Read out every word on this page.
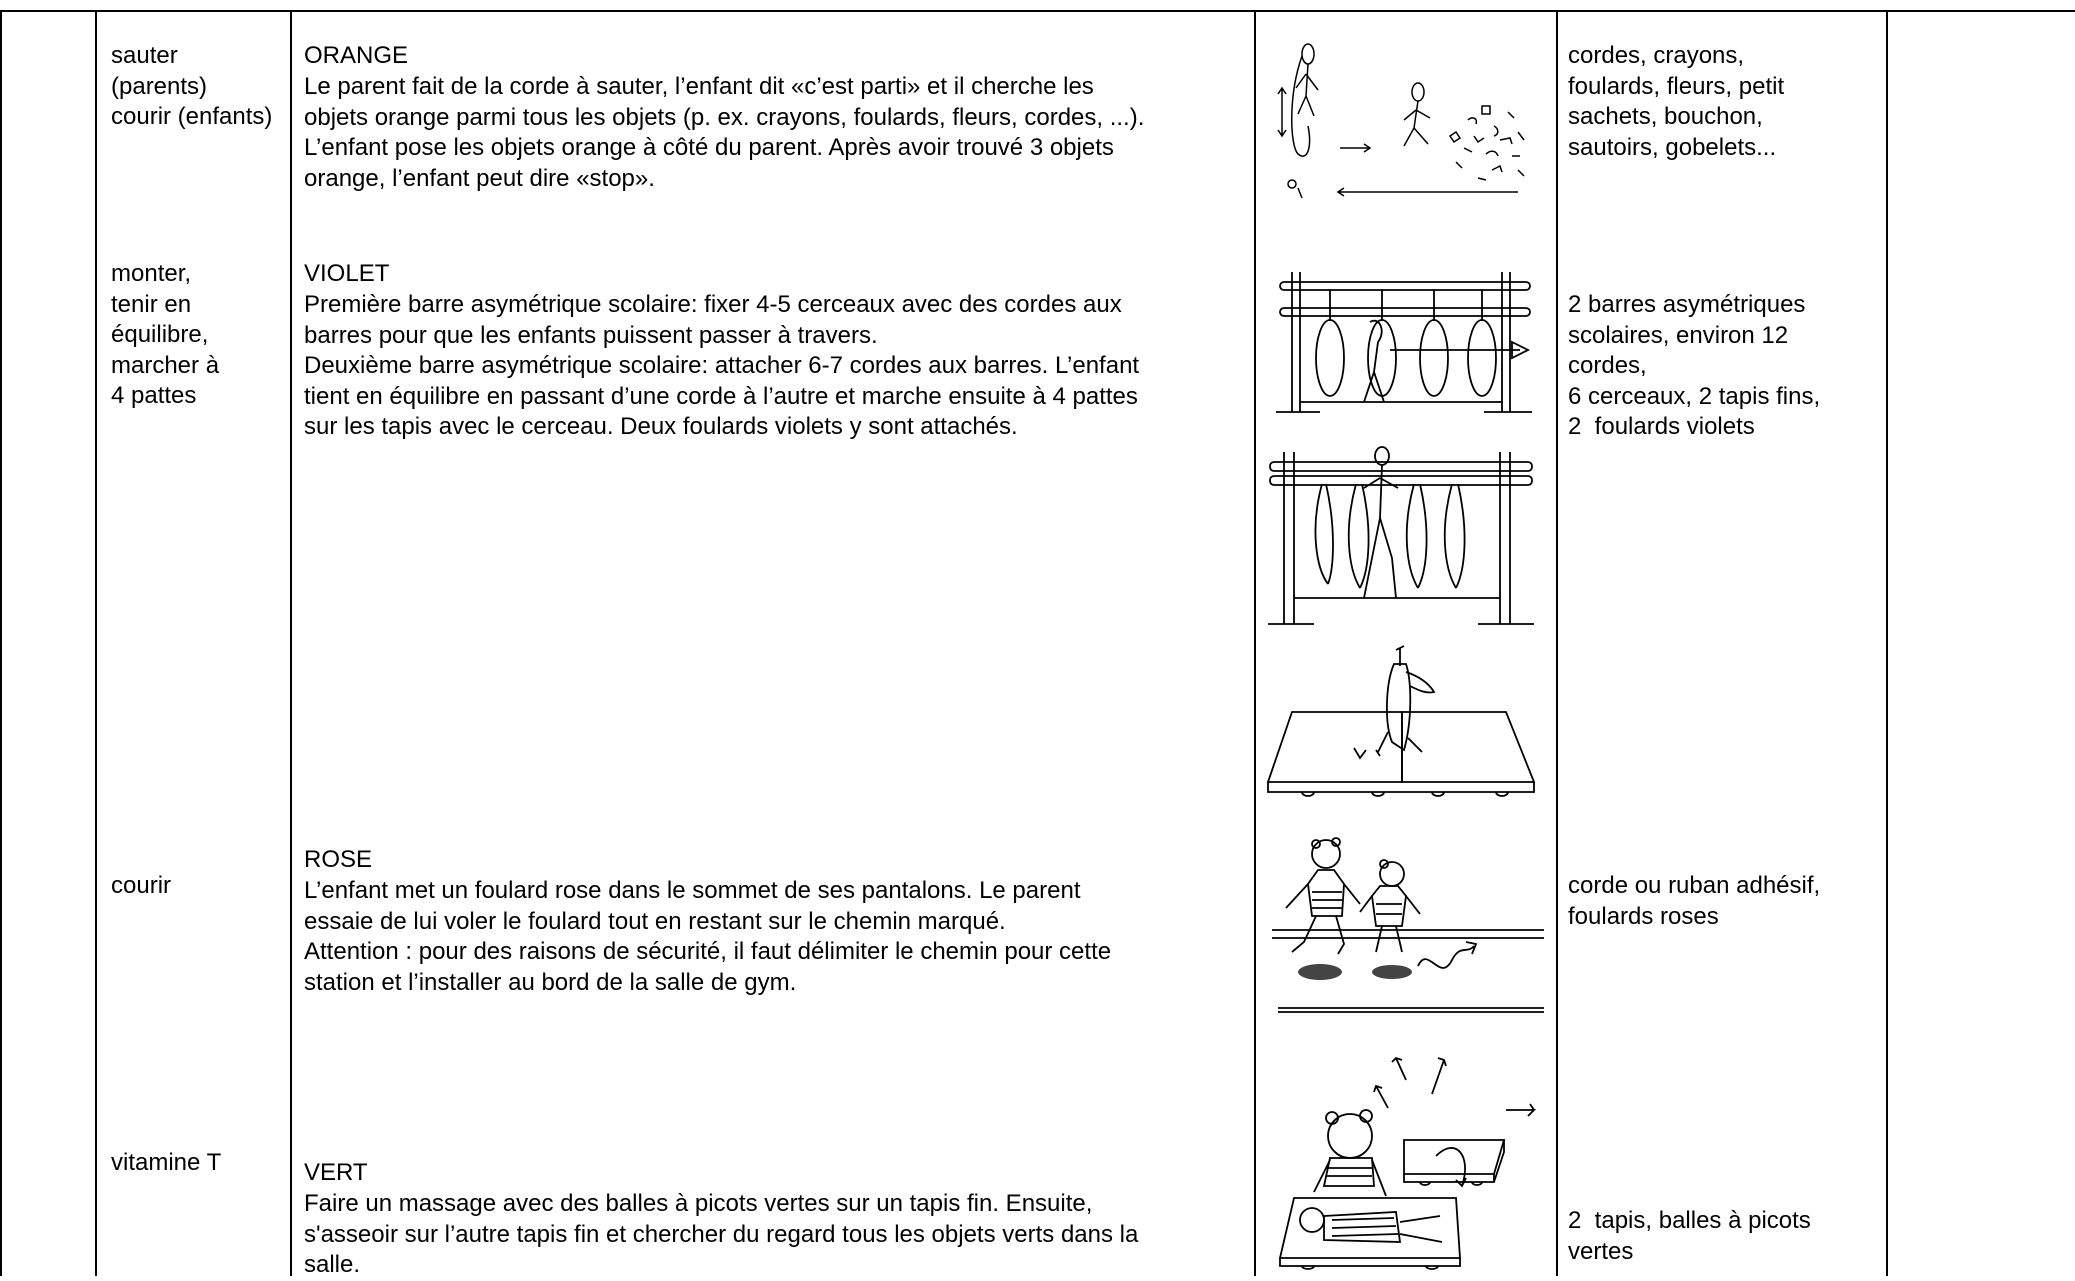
sauter
(parents)
courir (enfants)
ORANGE
Le parent fait de la corde à sauter, l’enfant dit «c’est parti» et il cherche les
objets orange parmi tous les objets (p. ex. crayons, foulards, fleurs, cordes, ...).
L’enfant pose les objets orange à côté du parent. Après avoir trouvé 3 objets
orange, l’enfant peut dire «stop».
cordes, crayons,
foulards, fleurs, petit
sachets, bouchon,
sautoirs, gobelets...
monter,
tenir en
équilibre,
marcher à
4 pattes
VIOLET
Première barre asymétrique scolaire: fixer 4-5 cerceaux avec des cordes aux
barres pour que les enfants puissent passer à travers.
Deuxième barre asymétrique scolaire: attacher 6-7 cordes aux barres. L’enfant
tient en équilibre en passant d’une corde à l’autre et marche ensuite à 4 pattes
sur les tapis avec le cerceau. Deux foulards violets y sont attachés.
2 barres asymétriques
scolaires, environ 12
cordes,
6 cerceaux, 2 tapis fins,
2  foulards violets
courir
ROSE
L’enfant met un foulard rose dans le sommet de ses pantalons. Le parent
essaie de lui voler le foulard tout en restant sur le chemin marqué.
Attention : pour des raisons de sécurité, il faut délimiter le chemin pour cette
station et l’installer au bord de la salle de gym.
corde ou ruban adhésif,
foulards roses
vitamine T	VERT
Faire un massage avec des balles à picots vertes sur un tapis fin. Ensuite,
s'asseoir sur l’autre tapis fin et chercher du regard tous les objets verts dans la
salle.
2  tapis, balles à picots
vertes
